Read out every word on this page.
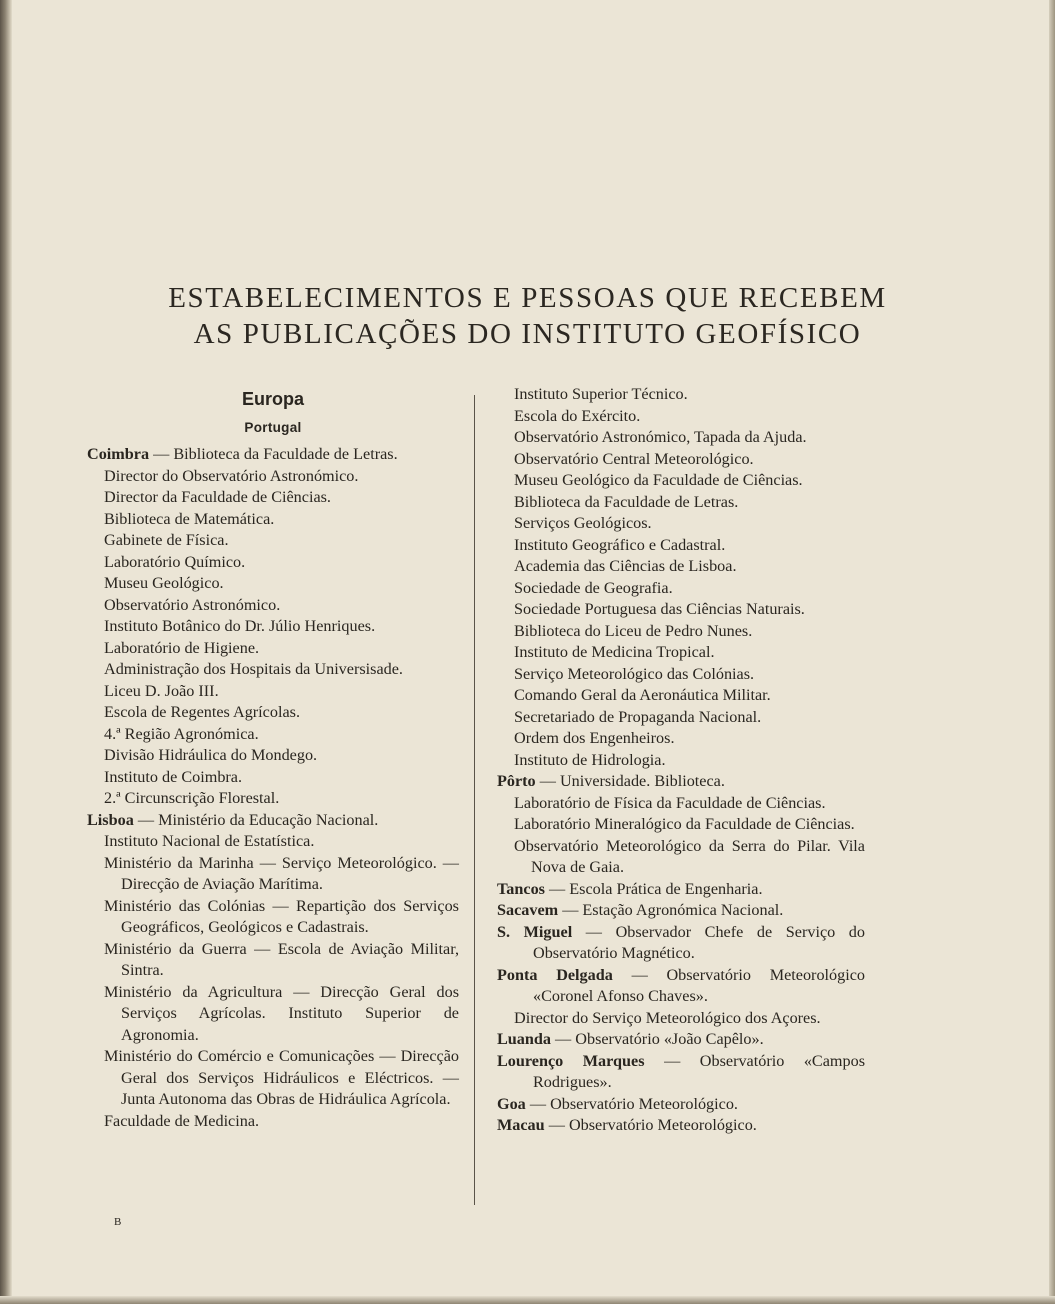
ESTABELECIMENTOS E PESSOAS QUE RECEBEM
AS PUBLICAÇÕES DO INSTITUTO GEOFÍSICO
Europa
Portugal
Coimbra — Biblioteca da Faculdade de Letras.
Director do Observatório Astronómico.
Director da Faculdade de Ciências.
Biblioteca de Matemática.
Gabinete de Física.
Laboratório Químico.
Museu Geológico.
Observatório Astronómico.
Instituto Botânico do Dr. Júlio Henriques.
Laboratório de Higiene.
Administração dos Hospitais da Universisade.
Liceu D. João III.
Escola de Regentes Agrícolas.
4.ª Região Agronómica.
Divisão Hidráulica do Mondego.
Instituto de Coimbra.
2.ª Circunscrição Florestal.
Lisboa — Ministério da Educação Nacional.
Instituto Nacional de Estatística.
Ministério da Marinha — Serviço Meteorológico. — Direcção de Aviação Marítima.
Ministério das Colónias — Repartição dos Serviços Geográficos, Geológicos e Cadastrais.
Ministério da Guerra — Escola de Aviação Militar, Sintra.
Ministério da Agricultura — Direcção Geral dos Serviços Agrícolas. Instituto Superior de Agronomia.
Ministério do Comércio e Comunicações — Direcção Geral dos Serviços Hidráulicos e Eléctricos. — Junta Autonoma das Obras de Hidráulica Agrícola.
Faculdade de Medicina.
Instituto Superior Técnico.
Escola do Exército.
Observatório Astronómico, Tapada da Ajuda.
Observatório Central Meteorológico.
Museu Geológico da Faculdade de Ciências.
Biblioteca da Faculdade de Letras.
Serviços Geológicos.
Instituto Geográfico e Cadastral.
Academia das Ciências de Lisboa.
Sociedade de Geografia.
Sociedade Portuguesa das Ciências Naturais.
Biblioteca do Liceu de Pedro Nunes.
Instituto de Medicina Tropical.
Serviço Meteorológico das Colónias.
Comando Geral da Aeronáutica Militar.
Secretariado de Propaganda Nacional.
Ordem dos Engenheiros.
Instituto de Hidrologia.
Pôrto — Universidade. Biblioteca.
Laboratório de Física da Faculdade de Ciências.
Laboratório Mineralógico da Faculdade de Ciências.
Observatório Meteorológico da Serra do Pilar. Vila Nova de Gaia.
Tancos — Escola Prática de Engenharia.
Sacavem — Estação Agronómica Nacional.
S. Miguel — Observador Chefe de Serviço do Observatório Magnético.
Ponta Delgada — Observatório Meteorológico «Coronel Afonso Chaves».
Director do Serviço Meteorológico dos Açores.
Luanda — Observatório «João Capêlo».
Lourenço Marques — Observatório «Campos Rodrigues».
Goa — Observatório Meteorológico.
Macau — Observatório Meteorológico.
B
